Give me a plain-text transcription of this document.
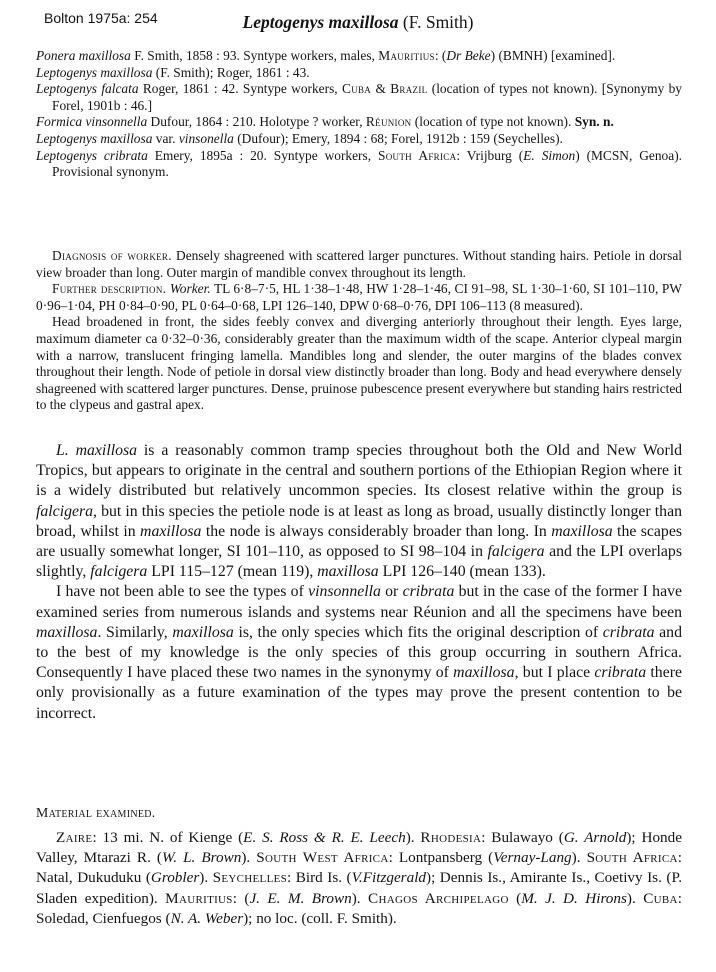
Bolton 1975a: 254	Leptogenys maxillosa (F. Smith)

Ponera maxillosa F. Smith, 1858 : 93. Syntype workers, males, Mauritius: (Dr Beke) (BMNH) [examined].

Leptogenys maxillosa (F. Smith); Roger, 1861 : 43.

Leptogenys falcata Roger, 1861 : 42. Syntype workers, Cuba & Brazil (location of types not known). [Synonymy by Forel, 1901b : 46.]

Formica vinsonnella Dufour, 1864 : 210. Holotype ? worker, Réunion (location of type not known). Syn. n.

Leptogenys maxillosa var. vinsonella (Dufour); Emery, 1894 : 68; Forel, 1912b : 159 (Seychelles).

Leptogenys cribrata Emery, 1895a : 20. Syntype workers, South Africa: Vrijburg (E. Simon) (MCSN, Genoa). Provisional synonym.

Diagnosis of worker. Densely shagreened with scattered larger punctures. Without standing hairs. Petiole in dorsal view broader than long. Outer margin of mandible convex throughout its length.

Further description. Worker. TL 6·8–7·5, HL 1·38–1·48, HW 1·28–1·46, CI 91–98, SL 1·30–1·60, SI 101–110, PW 0·96–1·04, PH 0·84–0·90, PL 0·64–0·68, LPI 126–140, DPW 0·68–0·76, DPI 106–113 (8 measured).

Head broadened in front, the sides feebly convex and diverging anteriorly throughout their length. Eyes large, maximum diameter ca 0·32–0·36, considerably greater than the maximum width of the scape. Anterior clypeal margin with a narrow, translucent fringing lamella. Mandibles long and slender, the outer margins of the blades convex throughout their length. Node of petiole in dorsal view distinctly broader than long. Body and head everywhere densely shagreened with scattered larger punctures. Dense, pruinose pubescence present everywhere but standing hairs restricted to the clypeus and gastral apex.

L. maxillosa is a reasonably common tramp species throughout both the Old and New World Tropics, but appears to originate in the central and southern portions of the Ethiopian Region where it is a widely distributed but relatively uncommon species. Its closest relative within the group is falcigera, but in this species the petiole node is at least as long as broad, usually distinctly longer than broad, whilst in maxillosa the node is always considerably broader than long. In maxillosa the scapes are usually somewhat longer, SI 101–110, as opposed to SI 98–104 in falcigera and the LPI overlaps slightly, falcigera LPI 115–127 (mean 119), maxillosa LPI 126–140 (mean 133).

I have not been able to see the types of vinsonnella or cribrata but in the case of the former I have examined series from numerous islands and systems near Réunion and all the specimens have been maxillosa. Similarly, maxillosa is, the only species which fits the original description of cribrata and to the best of my knowledge is the only species of this group occurring in southern Africa. Consequently I have placed these two names in the synonymy of maxillosa, but I place cribrata there only provisionally as a future examination of the types may prove the present contention to be incorrect.

Material examined.

Zaire: 13 mi. N. of Kienge (E. S. Ross & R. E. Leech). Rhodesia: Bulawayo (G. Arnold); Honde Valley, Mtarazi R. (W. L. Brown). South West Africa: Lontpansberg (Vernay-Lang). South Africa: Natal, Dukuduku (Grobler). Seychelles: Bird Is. (V.Fitzgerald); Dennis Is., Amirante Is., Coetivy Is. (P. Sladen expedition). Mauritius: (J. E. M. Brown). Chagos Archipelago (M. J. D. Hirons). Cuba: Soledad, Cienfuegos (N. A. Weber); no loc. (coll. F. Smith).
